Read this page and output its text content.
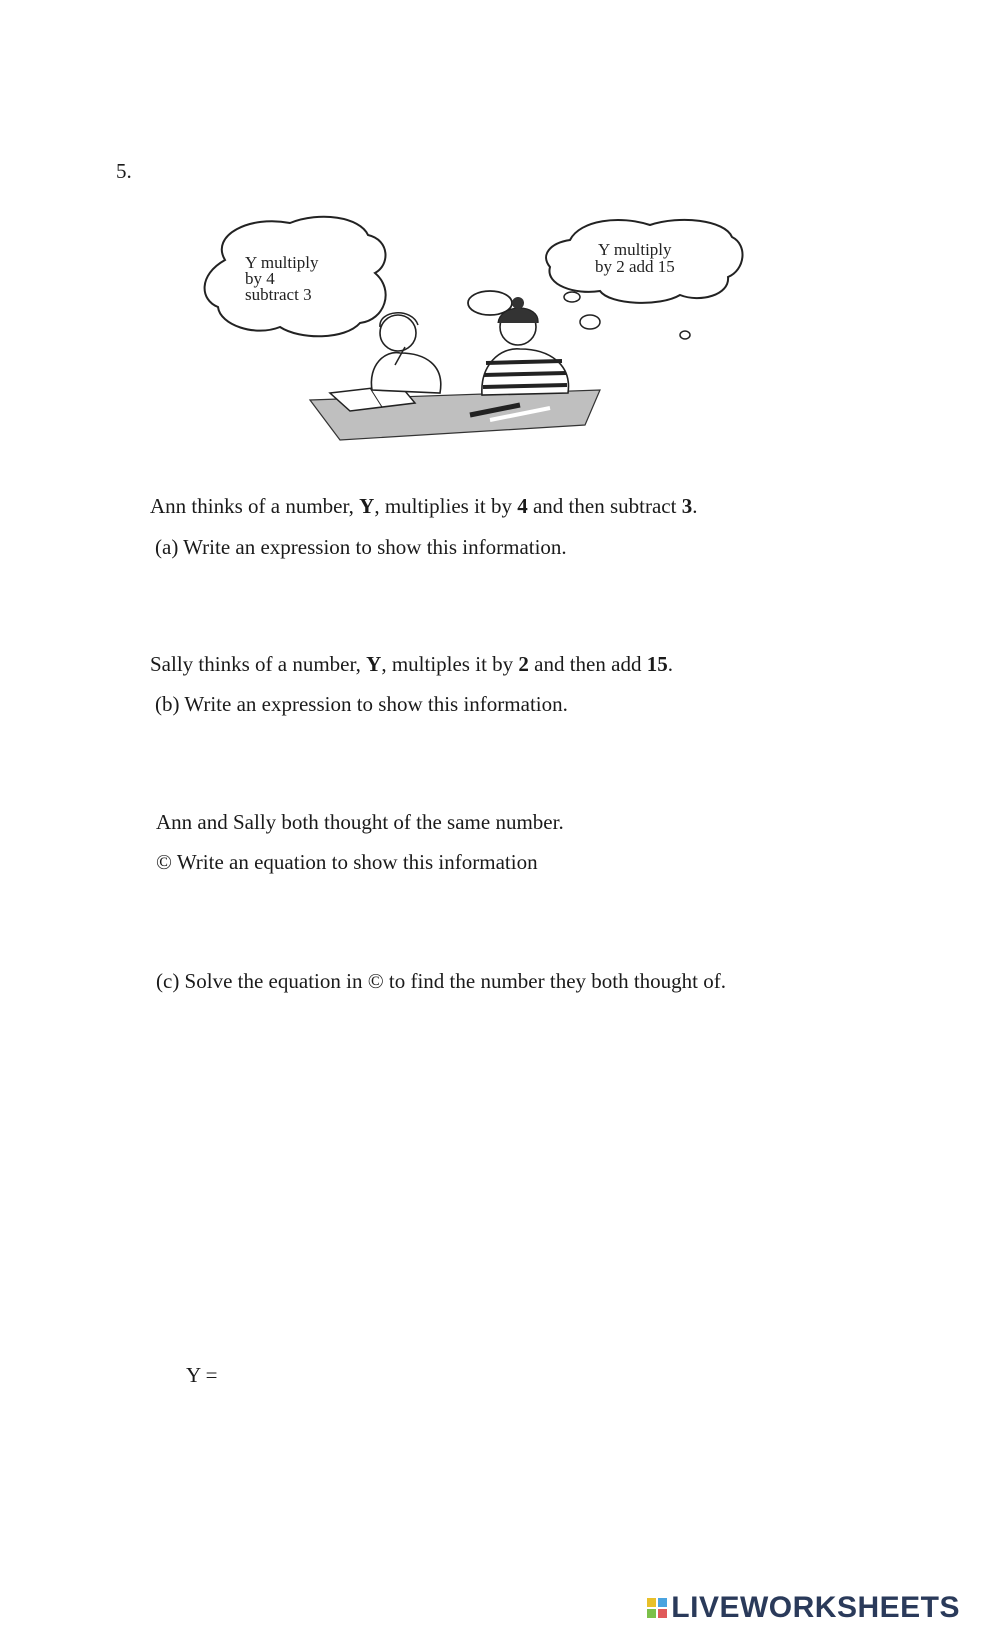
5.
Y multiply
by 4
subtract 3
Y multiply
by 2 add 15
Ann thinks of a number, Y, multiplies it by 4 and then subtract 3.
(a) Write an expression to show this information.
Sally thinks of a number, Y, multiples it by 2 and then add 15.
(b) Write an expression to show this information.
Ann and Sally both thought of the same number.
© Write an equation to show this information
(c) Solve the equation in © to find the number they both thought of.
Y =
LIVEWORKSHEETS
